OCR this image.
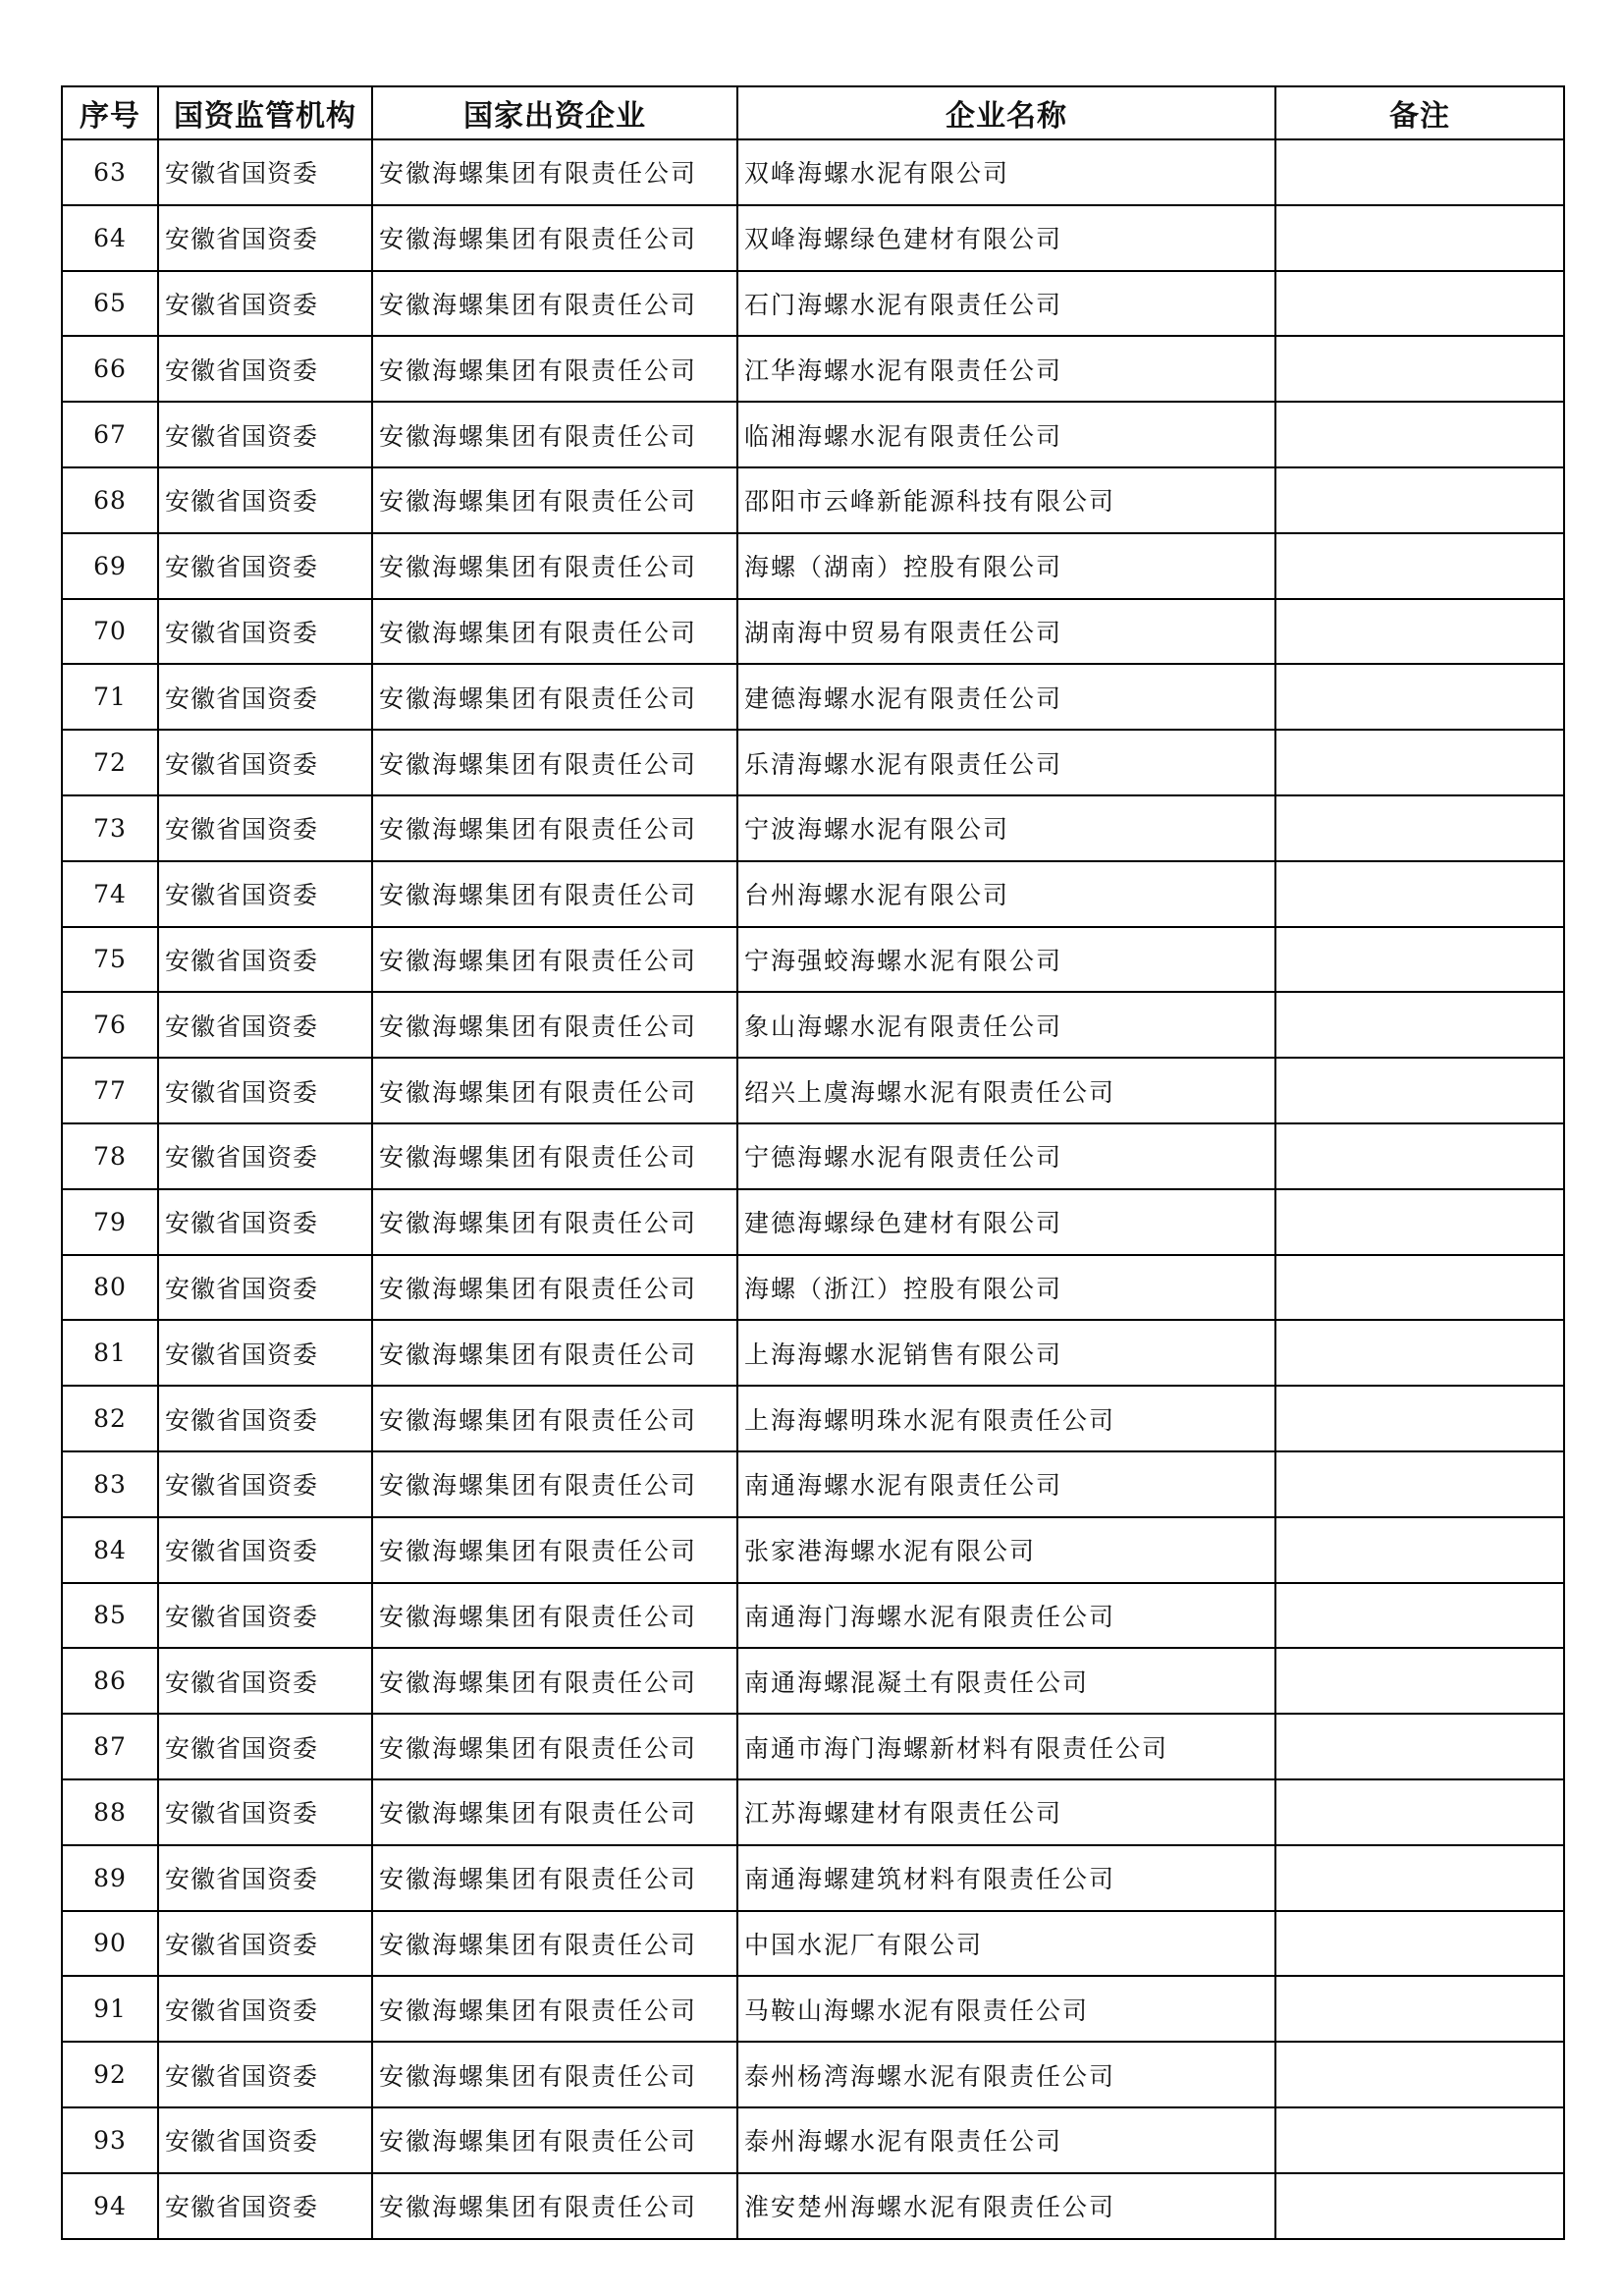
序号	国资监管机构	国家出资企业	企业名称	备注
63	安徽省国资委	安徽海螺集团有限责任公司	双峰海螺水泥有限公司	
64	安徽省国资委	安徽海螺集团有限责任公司	双峰海螺绿色建材有限公司	
65	安徽省国资委	安徽海螺集团有限责任公司	石门海螺水泥有限责任公司	
66	安徽省国资委	安徽海螺集团有限责任公司	江华海螺水泥有限责任公司	
67	安徽省国资委	安徽海螺集团有限责任公司	临湘海螺水泥有限责任公司	
68	安徽省国资委	安徽海螺集团有限责任公司	邵阳市云峰新能源科技有限公司	
69	安徽省国资委	安徽海螺集团有限责任公司	海螺（湖南）控股有限公司	
70	安徽省国资委	安徽海螺集团有限责任公司	湖南海中贸易有限责任公司	
71	安徽省国资委	安徽海螺集团有限责任公司	建德海螺水泥有限责任公司	
72	安徽省国资委	安徽海螺集团有限责任公司	乐清海螺水泥有限责任公司	
73	安徽省国资委	安徽海螺集团有限责任公司	宁波海螺水泥有限公司	
74	安徽省国资委	安徽海螺集团有限责任公司	台州海螺水泥有限公司	
75	安徽省国资委	安徽海螺集团有限责任公司	宁海强蛟海螺水泥有限公司	
76	安徽省国资委	安徽海螺集团有限责任公司	象山海螺水泥有限责任公司	
77	安徽省国资委	安徽海螺集团有限责任公司	绍兴上虞海螺水泥有限责任公司	
78	安徽省国资委	安徽海螺集团有限责任公司	宁德海螺水泥有限责任公司	
79	安徽省国资委	安徽海螺集团有限责任公司	建德海螺绿色建材有限公司	
80	安徽省国资委	安徽海螺集团有限责任公司	海螺（浙江）控股有限公司	
81	安徽省国资委	安徽海螺集团有限责任公司	上海海螺水泥销售有限公司	
82	安徽省国资委	安徽海螺集团有限责任公司	上海海螺明珠水泥有限责任公司	
83	安徽省国资委	安徽海螺集团有限责任公司	南通海螺水泥有限责任公司	
84	安徽省国资委	安徽海螺集团有限责任公司	张家港海螺水泥有限公司	
85	安徽省国资委	安徽海螺集团有限责任公司	南通海门海螺水泥有限责任公司	
86	安徽省国资委	安徽海螺集团有限责任公司	南通海螺混凝土有限责任公司	
87	安徽省国资委	安徽海螺集团有限责任公司	南通市海门海螺新材料有限责任公司	
88	安徽省国资委	安徽海螺集团有限责任公司	江苏海螺建材有限责任公司	
89	安徽省国资委	安徽海螺集团有限责任公司	南通海螺建筑材料有限责任公司	
90	安徽省国资委	安徽海螺集团有限责任公司	中国水泥厂有限公司	
91	安徽省国资委	安徽海螺集团有限责任公司	马鞍山海螺水泥有限责任公司	
92	安徽省国资委	安徽海螺集团有限责任公司	泰州杨湾海螺水泥有限责任公司	
93	安徽省国资委	安徽海螺集团有限责任公司	泰州海螺水泥有限责任公司	
94	安徽省国资委	安徽海螺集团有限责任公司	淮安楚州海螺水泥有限责任公司	
